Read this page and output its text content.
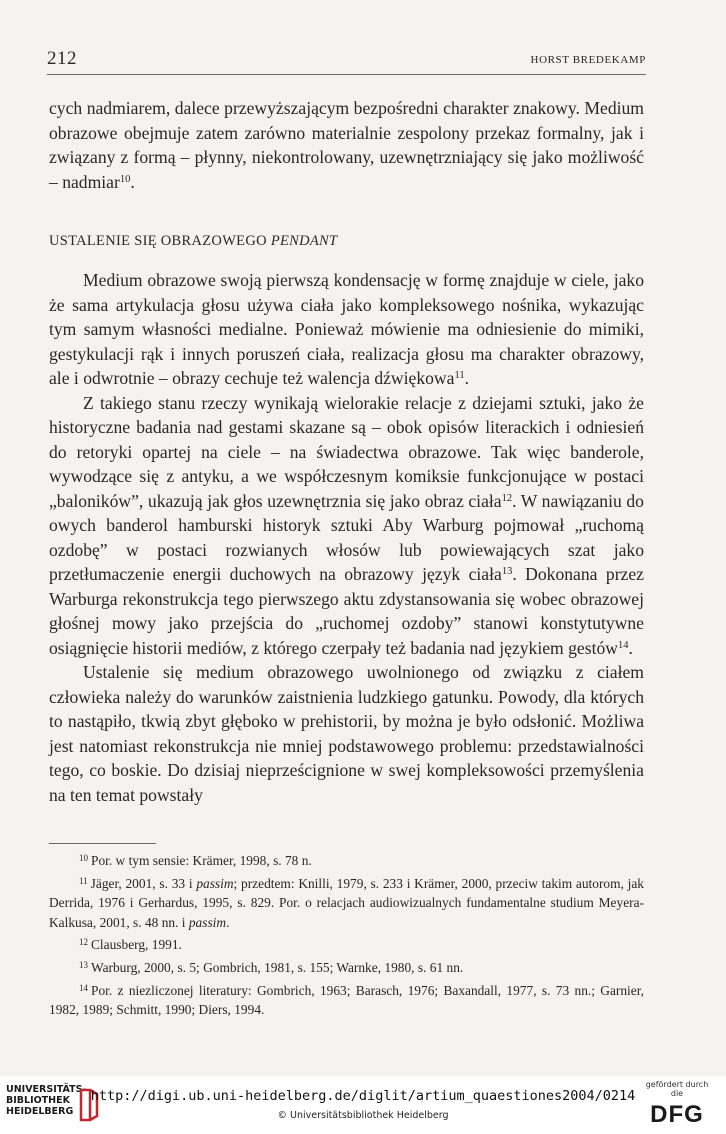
212	HORST BREDEKAMP

cych nadmiarem, dalece przewyższającym bezpośredni charakter znakowy. Medium obrazowe obejmuje zatem zarówno materialnie zespolony przekaz formalny, jak i związany z formą – płynny, niekontrolowany, uzewnętrzniający się jako możliwość – nadmiar$^{10}$.

USTALENIE SIĘ OBRAZOWEGO PENDANT

Medium obrazowe swoją pierwszą kondensację w formę znajduje w ciele, jako że sama artykulacja głosu używa ciała jako kompleksowego nośnika, wykazując tym samym własności medialne. Ponieważ mówienie ma odniesienie do mimiki, gestykulacji rąk i innych poruszeń ciała, realizacja głosu ma charakter obrazowy, ale i odwrotnie – obrazy cechuje też walencja dźwiękowa$^{11}$.

Z takiego stanu rzeczy wynikają wielorakie relacje z dziejami sztuki, jako że historyczne badania nad gestami skazane są – obok opisów literackich i odniesień do retoryki opartej na ciele – na świadectwa obrazowe. Tak więc banderole, wywodzące się z antyku, a we współczesnym komiksie funkcjonujące w postaci „baloników”, ukazują jak głos uzewnętrznia się jako obraz ciała$^{12}$. W nawiązaniu do owych banderol hamburski historyk sztuki Aby Warburg pojmował „ruchomą ozdobę” w postaci rozwianych włosów lub powiewających szat jako przetłumaczenie energii duchowych na obrazowy język ciała$^{13}$. Dokonana przez Warburga rekonstrukcja tego pierwszego aktu zdystansowania się wobec obrazowej głośnej mowy jako przejścia do „ruchomej ozdoby” stanowi konstytutywne osiągnięcie historii mediów, z którego czerpały też badania nad językiem gestów$^{14}$.

Ustalenie się medium obrazowego uwolnionego od związku z ciałem człowieka należy do warunków zaistnienia ludzkiego gatunku. Powody, dla których to nastąpiło, tkwią zbyt głęboko w prehistorii, by można je było odsłonić. Możliwa jest natomiast rekonstrukcja nie mniej podstawowego problemu: przedstawialności tego, co boskie. Do dzisiaj nieprześcignione w swej kompleksowości przemyślenia na ten temat powstały

$^{10}$ Por. w tym sensie: Krämer, 1998, s. 78 n.

$^{11}$ Jäger, 2001, s. 33 i passim; przedtem: Knilli, 1979, s. 233 i Krämer, 2000, przeciw takim autorom, jak Derrida, 1976 i Gerhardus, 1995, s. 829. Por. o relacjach audiowizualnych fundamentalne studium Meyera-Kalkusa, 2001, s. 48 nn. i passim.

$^{12}$ Clausberg, 1991.

$^{13}$ Warburg, 2000, s. 5; Gombrich, 1981, s. 155; Warnke, 1980, s. 61 nn.

$^{14}$ Por. z niezliczonej literatury: Gombrich, 1963; Barasch, 1976; Baxandall, 1977, s. 73 nn.; Garnier, 1982, 1989; Schmitt, 1990; Diers, 1994.

UNIVERSITÄTS- BIBLIOTHEK HEIDELBERG
http://digi.ub.uni-heidelberg.de/diglit/artium_quaestiones2004/0214
© Universitätsbibliothek Heidelberg
gefördert durch die
DFG
